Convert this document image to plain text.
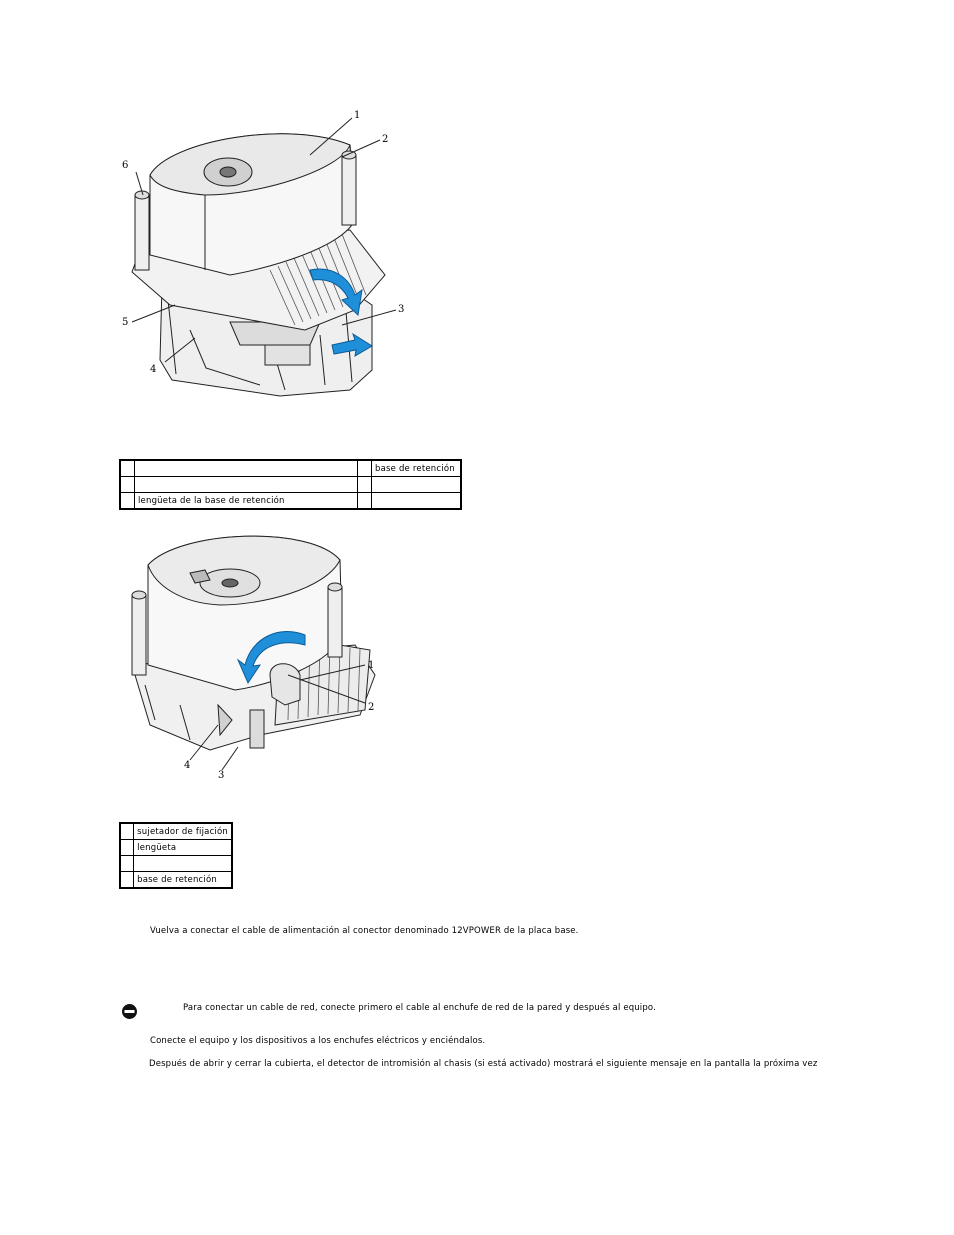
1
2
3
4
5
6
			base de retención

	lengüeta de la base de retención		
1
2
3
4
	sujetador de fijación
	lengüeta

	base de retención
Vuelva a conectar el cable de alimentación al conector denominado 12VPOWER de la placa base.
Para conectar un cable de red, conecte primero el cable al enchufe de red de la pared y después al equipo.
Conecte el equipo y los dispositivos a los enchufes eléctricos y enciéndalos.
Después de abrir y cerrar la cubierta, el detector de intromisión al chasis (si está activado) mostrará el siguiente mensaje en la pantalla la próxima vez
